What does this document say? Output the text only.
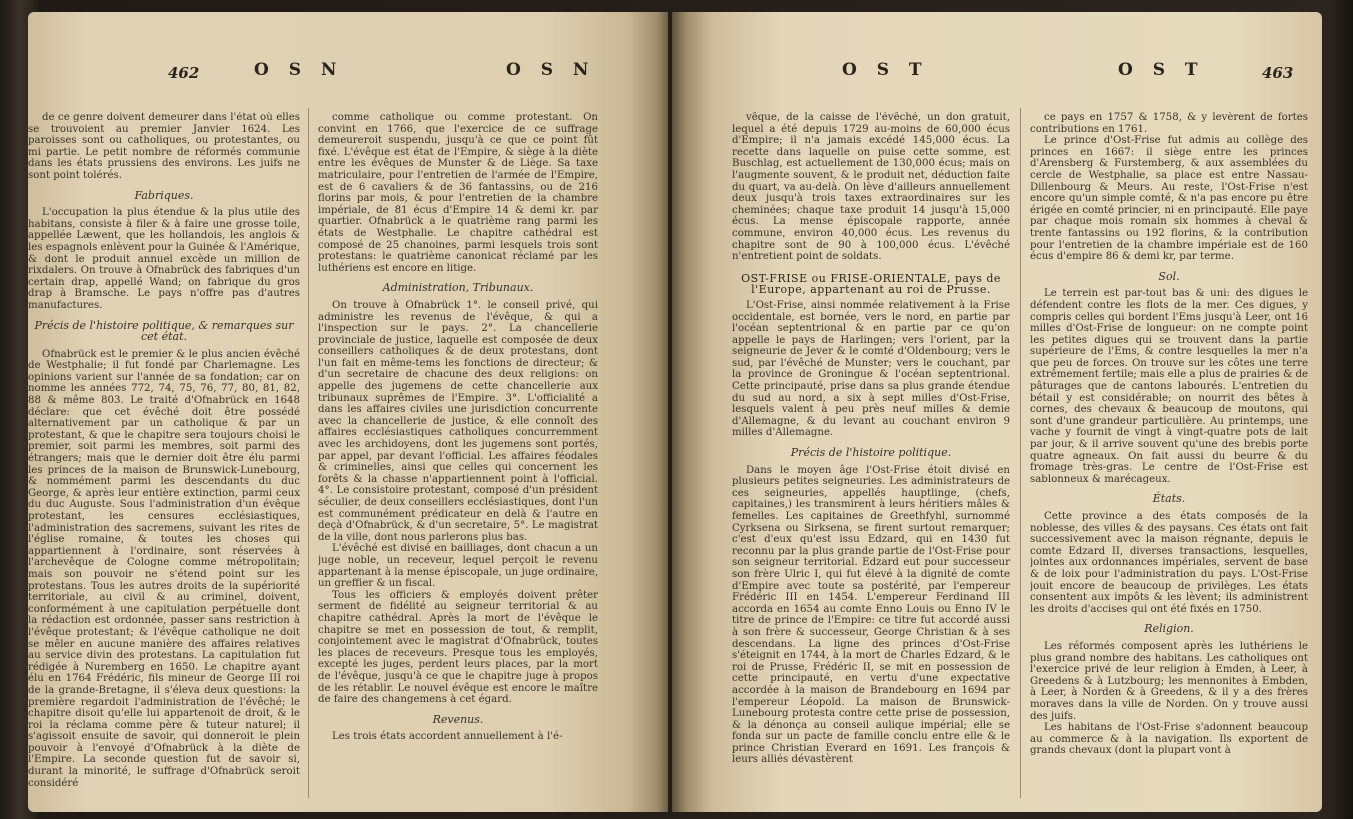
462	O S N	O S N

de ce genre doivent demeurer dans l'état où elles se trouvoient au premier Janvier 1624. Les paroisses sont ou catholiques, ou protestantes, ou mi partie. Le petit nombre de réformés communie dans les états prussiens des environs. Les juifs ne sont point tolérés.

Fabriques.

L'occupation la plus étendue & la plus utile des habitans, consiste à filer & à faire une grosse toile, appellée Læwent, que les hollandois, les anglois & les espagnols enlèvent pour la Guinée & l'Amérique, & dont le produit annuel excède un million de rixdalers. On trouve à Ofnabrück des fabriques d'un certain drap, appellé Wand; on fabrique du gros drap à Bramsche. Le pays n'offre pas d'autres manufactures.

Précis de l'histoire politique, & remarques sur cet état.

Ofnabrück est le premier & le plus ancien évêché de Westphalie; il fut fondé par Charlemagne. Les opinions varient sur l'année de sa fondation; car on nomme les années 772, 74, 75, 76, 77, 80, 81, 82, 88 & même 803. Le traité d'Ofnabrück en 1648 déclare: que cet évêché doit être possédé alternativement par un catholique & par un protestant, & que le chapitre sera toujours choisi le premier, soit parmi les membres, soit parmi des étrangers; mais que le dernier doit être élu parmi les princes de la maison de Brunswick-Lunebourg, & nommément parmi les descendants du duc George, & après leur entière extinction, parmi ceux du duc Auguste. Sous l'administration d'un évêque protestant, les censures ecclésiastiques, l'administration des sacremens, suivant les rites de l'église romaine, & toutes les choses qui appartiennent à l'ordinaire, sont réservées à l'archevêque de Cologne comme métropolitain; mais son pouvoir ne s'étend point sur les protestans. Tous les autres droits de la supériorité territoriale, au civil & au criminel, doivent, conformément à une capitulation perpétuelle dont la rédaction est ordonnée, passer sans restriction à l'évêque protestant; & l'évêque catholique ne doit se mêler en aucune manière des affaires relatives au service divin des protestans. La capitulation fut rédigée à Nuremberg en 1650. Le chapitre ayant élu en 1764 Frédéric, fils mineur de George III roi de la grande-Bretagne, il s'éleva deux questions: la première regardoit l'administration de l'évêché; le chapitre disoit qu'elle lui appartenoit de droit, & le roi la réclama comme père & tuteur naturel; il s'agissoit ensuite de savoir, qui donneroit le plein pouvoir à l'envoyé d'Ofnabrück à la diète de l'Empire. La seconde question fut de savoir si, durant la minorité, le suffrage d'Ofnabrück seroit considéré

comme catholique ou comme protestant. On convint en 1766, que l'exercice de ce suffrage demeureroit suspendu, jusqu'à ce que ce point fût fixé. L'évêque est état de l'Empire, & siège à la diète entre les évêques de Munster & de Liège. Sa taxe matriculaire, pour l'entretien de l'armée de l'Empire, est de 6 cavaliers & de 36 fantassins, ou de 216 florins par mois, & pour l'entretien de la chambre impériale, de 81 écus d'Empire 14 & demi kr. par quartier. Ofnabrück a le quatrième rang parmi les états de Westphalie. Le chapitre cathédral est composé de 25 chanoines, parmi lesquels trois sont protestans: le quatrième canonicat réclamé par les luthériens est encore en litige.

Administration, Tribunaux.

On trouve à Ofnabrück 1°. le conseil privé, qui administre les revenus de l'évêque, & qui a l'inspection sur le pays. 2°. La chancellerie provinciale de justice, laquelle est composée de deux conseillers catholiques & de deux protestans, dont l'un fait en même-tems les fonctions de directeur; & d'un secretaire de chacune des deux religions: on appelle des jugemens de cette chancellerie aux tribunaux suprêmes de l'Empire. 3°. L'officialité a dans les affaires civiles une jurisdiction concurrente avec la chancellerie de justice, & elle connoît des affaires ecclésiastiques catholiques concurremment avec les archidoyens, dont les jugemens sont portés, par appel, par devant l'official. Les affaires féodales & criminelles, ainsi que celles qui concernent les forêts & la chasse n'appartiennent point à l'official. 4°. Le consistoire protestant, composé d'un président séculier, de deux conseillers ecclésiastiques, dont l'un est communément prédicateur en delà & l'autre en deçà d'Ofnabrück, & d'un secretaire, 5°. Le magistrat de la ville, dont nous parlerons plus bas.

L'évêché est divisé en bailliages, dont chacun a un juge noble, un receveur, lequel perçoit le revenu appartenant à la mense épiscopale, un juge ordinaire, un greffier & un fiscal.

Tous les officiers & employés doivent prêter serment de fidélité au seigneur territorial & au chapitre cathédral. Après la mort de l'évêque le chapitre se met en possession de tout, & remplit, conjointement avec le magistrat d'Ofnabrück, toutes les places de receveurs. Presque tous les employés, excepté les juges, perdent leurs places, par la mort de l'évêque, jusqu'à ce que le chapitre juge à propos de les rétablir. Le nouvel évêque est encore le maître de faire des changemens à cet égard.

Revenus.

Les trois états accordent annuellement à l'é-

O S T	O S T	463

vêque, de la caisse de l'évêché, un don gratuit, lequel a été depuis 1729 au-moins de 60,000 écus d'Empire; il n'a jamais excédé 145,000 écus. La recette dans laquelle on puise cette somme, est Buschlag, est actuellement de 130,000 écus; mais on l'augmente souvent, & le produit net, déduction faite du quart, va au-delà. On lève d'ailleurs annuellement deux jusqu'à trois taxes extraordinaires sur les cheminées; chaque taxe produit 14 jusqu'à 15,000 écus. La mense épiscopale rapporte, année commune, environ 40,000 écus. Les revenus du chapitre sont de 90 à 100,000 écus. L'évêché n'entretient point de soldats.

OST-FRISE ou FRISE-ORIENTALE, pays de l'Europe, appartenant au roi de Prusse.

L'Ost-Frise, ainsi nommée relativement à la Frise occidentale, est bornée, vers le nord, en partie par l'océan septentrional & en partie par ce qu'on appelle le pays de Harlingen; vers l'orient, par la seigneurie de Jever & le comté d'Oldenbourg; vers le sud, par l'évêché de Munster; vers le couchant, par la province de Groningue & l'océan septentrional. Cette principauté, prise dans sa plus grande étendue du sud au nord, a six à sept milles d'Ost-Frise, lesquels valent à peu près neuf milles & demie d'Allemagne, & du levant au couchant environ 9 milles d'Allemagne.

Précis de l'histoire politique.

Dans le moyen âge l'Ost-Frise étoit divisé en plusieurs petites seigneuries. Les administrateurs de ces seigneuries, appellés hauptlinge, (chefs, capitaines,) les transmirent à leurs héritiers mâles & femelles. Les capitaines de Greethfyhl, surnommé Cyrksena ou Sirksena, se firent surtout remarquer; c'est d'eux qu'est issu Edzard, qui en 1430 fut reconnu par la plus grande partie de l'Ost-Frise pour son seigneur territorial. Edzard eut pour successeur son frère Ulric I, qui fut élevé à la dignité de comte d'Empire avec toute sa postérité, par l'empereur Frédéric III en 1454. L'empereur Ferdinand III accorda en 1654 au comte Enno Louis ou Enno IV le titre de prince de l'Empire: ce titre fut accordé aussi à son frère & successeur, George Christian & à ses descendans. La ligne des princes d'Ost-Frise s'éteignit en 1744, à la mort de Charles Edzard, & le roi de Prusse, Frédéric II, se mit en possession de cette principauté, en vertu d'une expectative accordée à la maison de Brandebourg en 1694 par l'empereur Léopold. La maison de Brunswick-Lunebourg protesta contre cette prise de possession, & la dénonça au conseil aulique impérial; elle se fonda sur un pacte de famille conclu entre elle & le prince Christian Everard en 1691. Les françois & leurs alliés dévastèrent

ce pays en 1757 & 1758, & y levèrent de fortes contributions en 1761.

Le prince d'Ost-Frise fut admis au collège des princes en 1667: il siège entre les princes d'Arensberg & Furstemberg, & aux assemblées du cercle de Westphalie, sa place est entre Nassau-Dillenbourg & Meurs. Au reste, l'Ost-Frise n'est encore qu'un simple comté, & n'a pas encore pu être érigée en comté princier, ni en principauté. Elle paye par chaque mois romain six hommes à cheval & trente fantassins ou 192 florins, & la contribution pour l'entretien de la chambre impériale est de 160 écus d'empire 86 & demi kr, par terme.

Sol.

Le terrein est par-tout bas & uni: des digues le défendent contre les flots de la mer. Ces digues, y compris celles qui bordent l'Ems jusqu'à Leer, ont 16 milles d'Ost-Frise de longueur: on ne compte point les petites digues qui se trouvent dans la partie supérieure de l'Ems, & contre lesquelles la mer n'a que peu de forces. On trouve sur les côtes une terre extrêmement fertile; mais elle a plus de prairies & de pâturages que de cantons labourés. L'entretien du bétail y est considérable; on nourrit des bêtes à cornes, des chevaux & beaucoup de moutons, qui sont d'une grandeur particulière. Au printemps, une vache y fournit de vingt à vingt-quatre pots de lait par jour, & il arrive souvent qu'une des brebis porte quatre agneaux. On fait aussi du beurre & du fromage très-gras. Le centre de l'Ost-Frise est sablonneux & marécageux.

États.

Cette province a des états composés de la noblesse, des villes & des paysans. Ces états ont fait successivement avec la maison régnante, depuis le comte Edzard II, diverses transactions, lesquelles, jointes aux ordonnances impériales, servent de base & de loix pour l'administration du pays. L'Ost-Frise jouit encore de beaucoup de privilèges. Les états consentent aux impôts & les lèvent; ils administrent les droits d'accises qui ont été fixés en 1750.

Religion.

Les réformés composent après les luthériens le plus grand nombre des habitans. Les catholiques ont l'exercice privé de leur religion à Emden, à Leer, à Greedens & à Lutzbourg; les mennonites à Embden, à Leer, à Norden & à Greedens, & il y a des frères moraves dans la ville de Norden. On y trouve aussi des juifs.

Les habitans de l'Ost-Frise s'adonnent beaucoup au commerce & à la navigation. Ils exportent de grands chevaux (dont la plupart vont à
